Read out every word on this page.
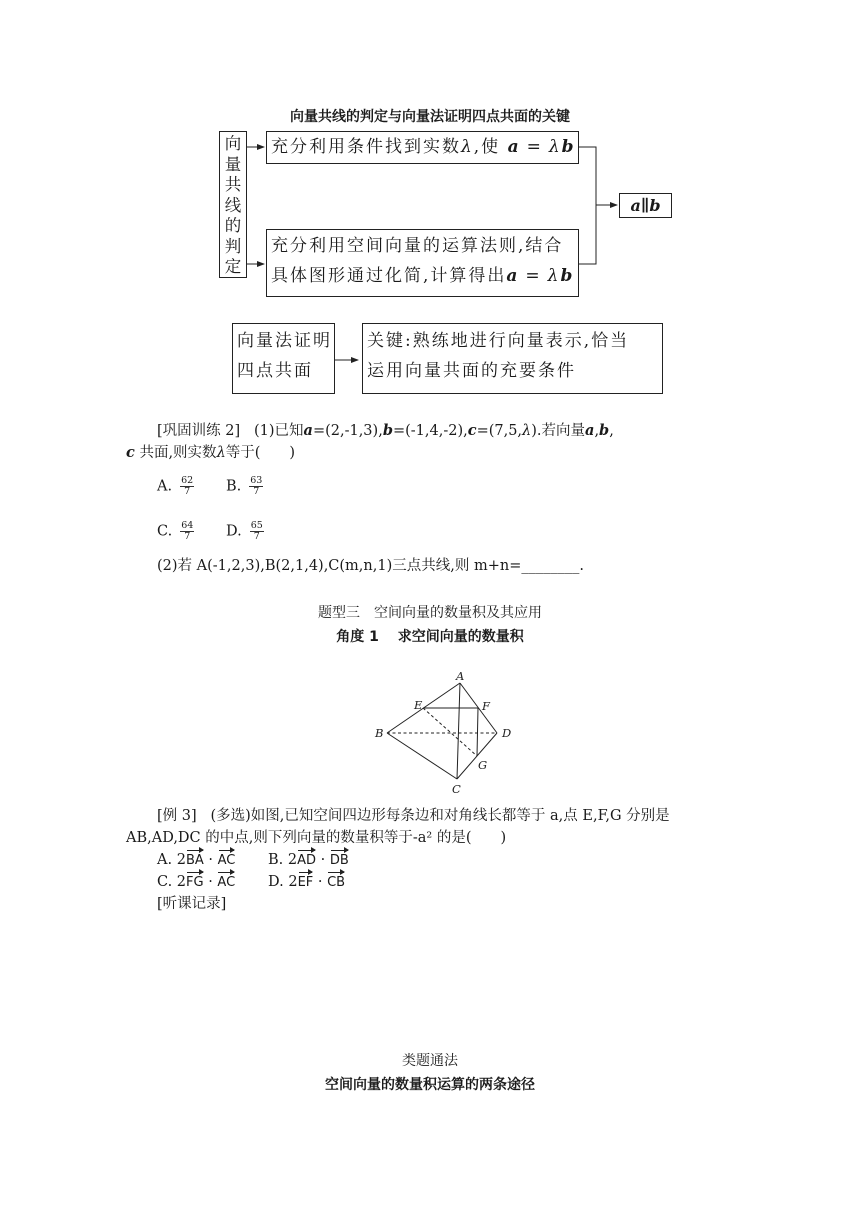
向量共线的判定与向量法证明四点共面的关键
向
量
共
线
的
判
定
充分利用条件找到实数λ,使 a = λb
充分利用空间向量的运算法则,结合
具体图形通过化简,计算得出a = λb
a∥b
向量法证明
四点共面
关键:熟练地进行向量表示,恰当
运用向量共面的充要条件
[巩固训练 2] (1)已知a=(2,-1,3),b=(-1,4,-2),c=(7,5,λ).若向量a,b,
c 共面,则实数λ等于(　　)
A. $\frac{62}{7} B$. $\frac{63}{7}$
C. $\frac{64}{7} D$. $\frac{65}{7}$
(2)若 A(-1,2,3),B(2,1,4),C(m,n,1)三点共线,则 m+n=________.
题型三　空间向量的数量积及其应用
角度 1　 求空间向量的数量积
A
B
C
D
E	F
G
[例 3] (多选)如图,已知空间四边形每条边和对角线长都等于 a,点 E,F,G 分别是
AB,AD,DC 的中点,则下列向量的数量积等于-a² 的是(　　)
A. 2BA · AC B. 2AD · DB
C. 2FG · AC D. 2EF · CB
[听课记录]
类题通法
空间向量的数量积运算的两条途径
